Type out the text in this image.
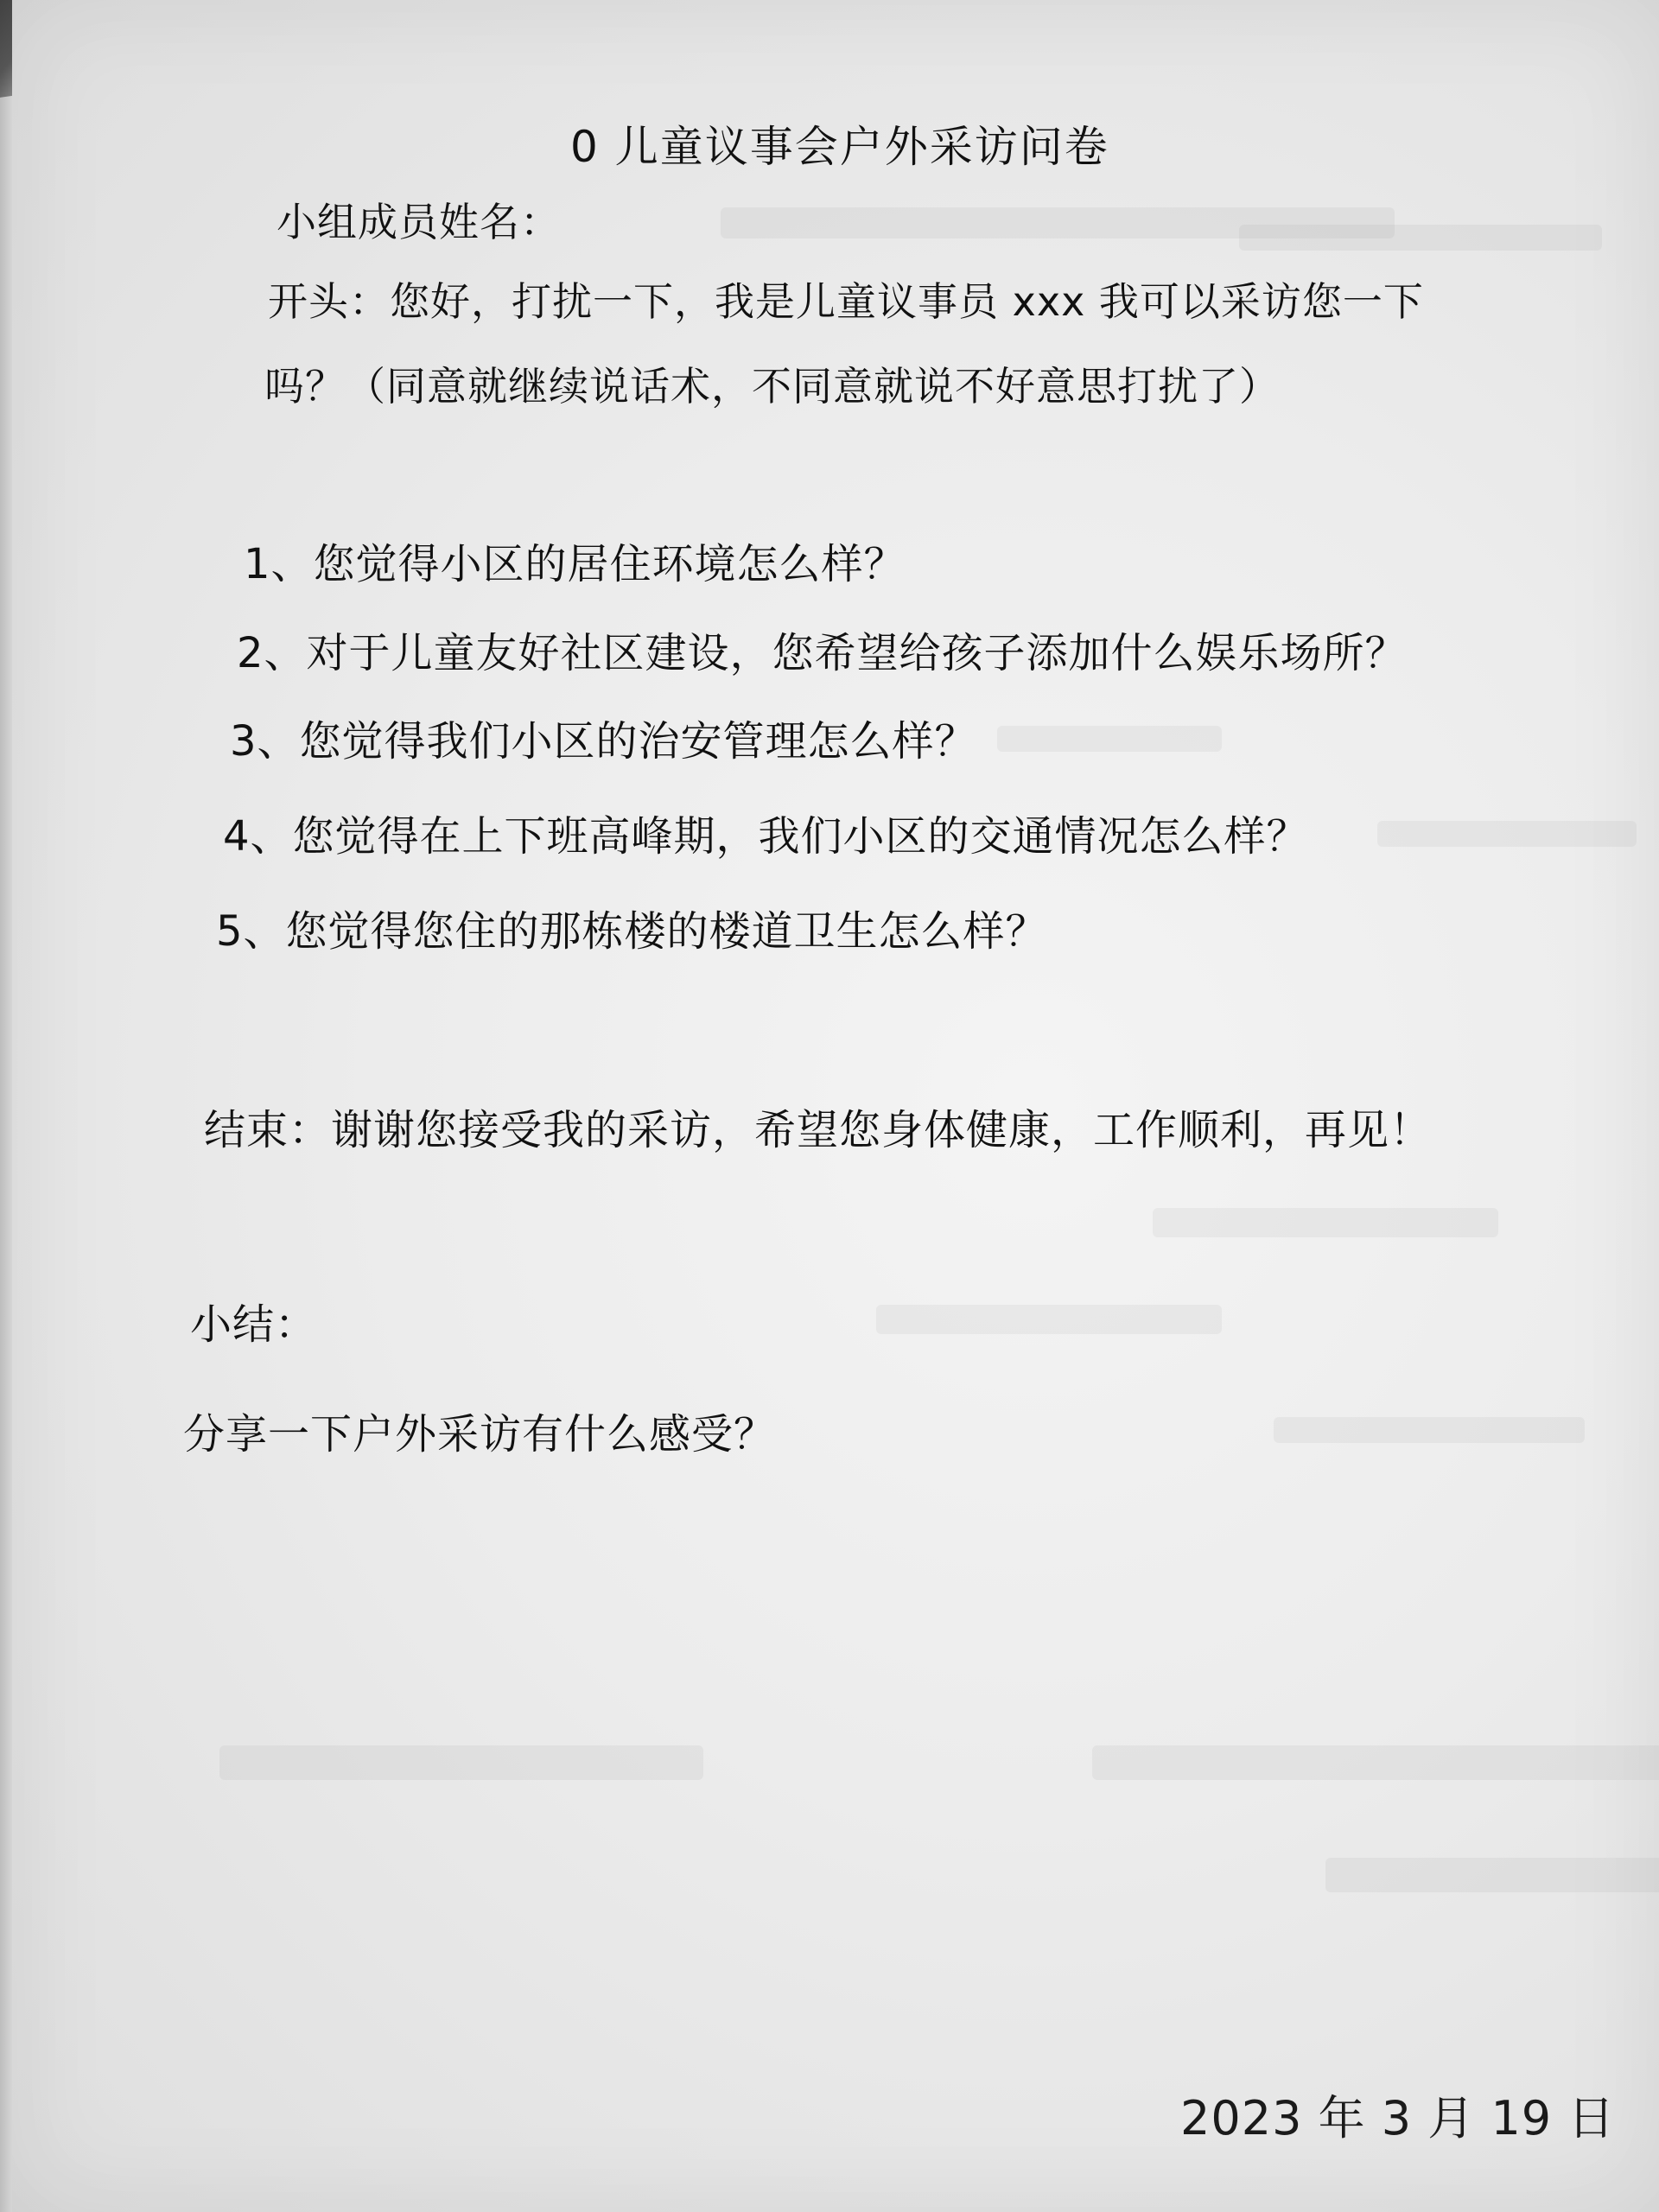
0 儿童议事会户外采访问卷
小组成员姓名：
开头：您好，打扰一下，我是儿童议事员 xxx 我可以采访您一下
吗？（同意就继续说话术，不同意就说不好意思打扰了）
1、您觉得小区的居住环境怎么样？
2、对于儿童友好社区建设，您希望给孩子添加什么娱乐场所？
3、您觉得我们小区的治安管理怎么样？
4、您觉得在上下班高峰期，我们小区的交通情况怎么样？
5、您觉得您住的那栋楼的楼道卫生怎么样？
结束：谢谢您接受我的采访，希望您身体健康，工作顺利，再见！
小结：
分享一下户外采访有什么感受？
2023 年 3 月 19 日
